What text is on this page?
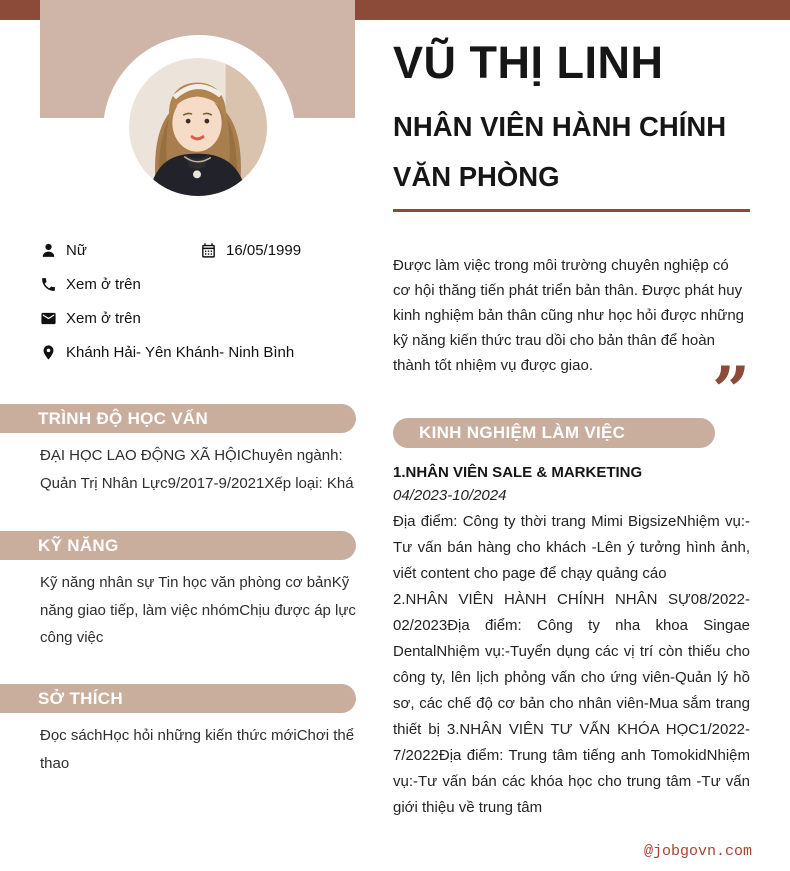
Nữ	16/05/1999
Xem ở trên
Xem ở trên
Khánh Hải- Yên Khánh- Ninh Bình
TRÌNH ĐỘ HỌC VẤN
ĐẠI HỌC LAO ĐỘNG XÃ HỘIChuyên ngành: Quản Trị Nhân Lực9/2017-9/2021Xếp loại: Khá
KỸ NĂNG
Kỹ năng nhân sự Tin học văn phòng cơ bảnKỹ năng giao tiếp, làm việc nhómChịu được áp lực công việc
SỞ THÍCH
Đọc sáchHọc hỏi những kiến thức mớiChơi thể thao
VŨ THỊ LINH
NHÂN VIÊN HÀNH CHÍNH VĂN PHÒNG
Được làm việc trong môi trường chuyên nghiệp có cơ hội thăng tiến phát triển bản thân. Được phát huy kinh nghiệm bản thân cũng như học hỏi được những kỹ năng kiến thức trau dồi cho bản thân để hoàn thành tốt nhiệm vụ được giao.	”
KINH NGHIỆM LÀM VIỆC
1.NHÂN VIÊN SALE & MARKETING
04/2023-10/2024

Địa điểm: Công ty thời trang Mimi BigsizeNhiệm vụ:-Tư vấn bán hàng cho khách -Lên ý tưởng hình ảnh, viết content cho page để chạy quảng cáo

2.NHÂN VIÊN HÀNH CHÍNH NHÂN SỰ08/2022-02/2023Địa điểm: Công ty nha khoa Singae DentalNhiệm vụ:-Tuyển dụng các vị trí còn thiếu cho công ty, lên lịch phỏng vấn cho ứng viên-Quản lý hồ sơ, các chế độ cơ bản cho nhân viên-Mua sắm trang thiết bị 3.NHÂN VIÊN TƯ VẤN KHÓA HỌC1/2022-7/2022Địa điểm: Trung tâm tiếng anh TomokidNhiệm vụ:-Tư vấn bán các khóa học cho trung tâm -Tư vấn giới thiệu về trung tâm

@jobgovn.com
